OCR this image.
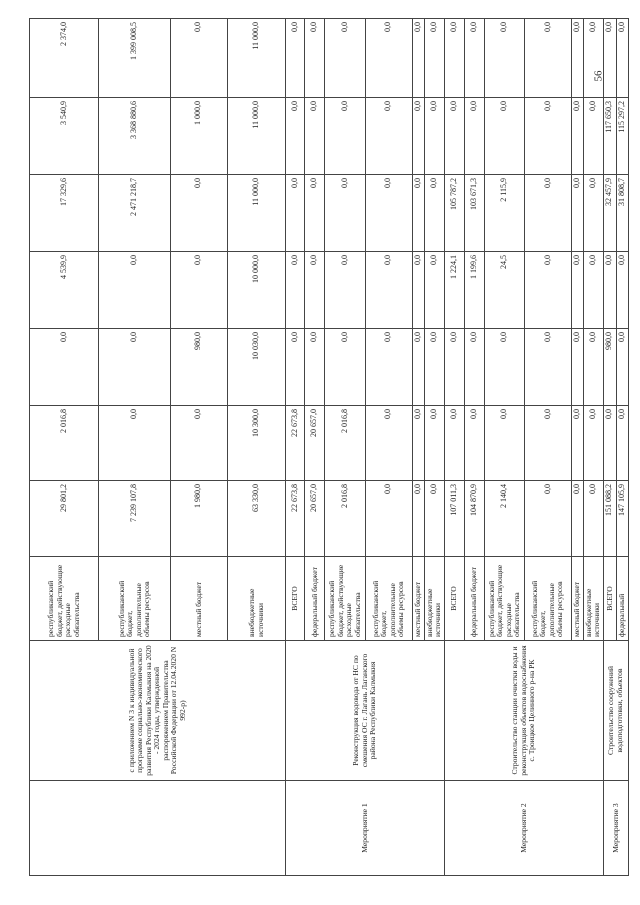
56
	с приложением N 3 к индивидуальной программе социально-экономического развития Республики Калмыкия на 2020 - 2024 годы, утвержденной распоряжением Правительства Российской Федерации от 12.04.2020 N 992-р)	республиканский бюджет, действующие расходные обязательства	29 801,2	2 016,8	0,0	4 539,9	17 329,6	3 540,9	2 374,0
		республиканский бюджет, дополнительные объемы ресурсов	7 239 107,8	0,0	0,0	0,0	2 471 218,7	3 368 880,6	1 399 008,5
		местный бюджет	1 980,0	0,0	980,0	0,0	0,0	1 000,0	0,0
		внебюджетные источники	63 330,0	10 300,0	10 030,0	10 000,0	11 000,0	11 000,0	11 000,0
Мероприятие 1	Реконструкция водовода от НС по смешения ОС г. Лагань Лаганского района Республики Калмыкия	ВСЕГО	22 673,8	22 673,8	0,0	0,0	0,0	0,0	0,0
		федеральный бюджет	20 657,0	20 657,0	0,0	0,0	0,0	0,0	0,0
		республиканский бюджет, действующие расходные обязательства	2 016,8	2 016,8	0,0	0,0	0,0	0,0	0,0
		республиканский бюджет, дополнительные объемы ресурсов	0,0	0,0	0,0	0,0	0,0	0,0	0,0
		местный бюджет	0,0	0,0	0,0	0,0	0,0	0,0	0,0
		внебюджетные источники	0,0	0,0	0,0	0,0	0,0	0,0	0,0
Мероприятие 2	Строительство станции очистки воды и реконструкция объектов водоснабжения с. Троицкое Целинного р-на РК	ВСЕГО	107 011,3	0,0	0,0	1 224,1	105 787,2	0,0	0,0
		федеральный бюджет	104 870,9	0,0	0,0	1 199,6	103 671,3	0,0	0,0
		республиканский бюджет, действующие расходные обязательства	2 140,4	0,0	0,0	24,5	2 115,9	0,0	0,0
		республиканский бюджет, дополнительные объемы ресурсов	0,0	0,0	0,0	0,0	0,0	0,0	0,0
		местный бюджет	0,0	0,0	0,0	0,0	0,0	0,0	0,0
		внебюджетные источники	0,0	0,0	0,0	0,0	0,0	0,0	0,0
Мероприятие 3	Строительство сооружений водоподготовки, объектов	ВСЕГО	151 088,2	0,0	980,0	0,0	32 457,9	117 650,3	0,0
		федеральный	147 105,9	0,0	0,0	0,0	31 808,7	115 297,2	0,0
